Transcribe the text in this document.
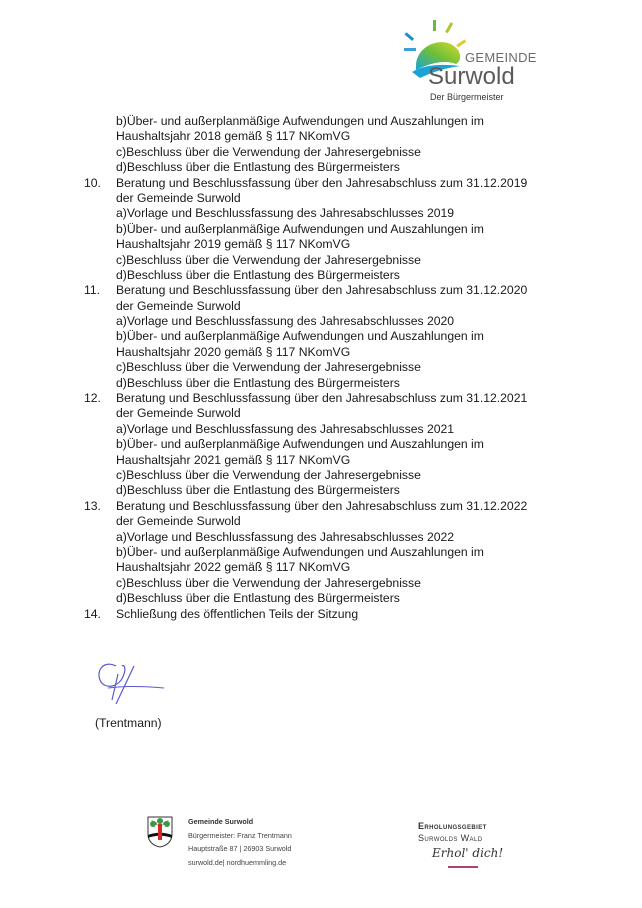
GEMEINDE
Surwold
Der Bürgermeister
b)Über- und außerplanmäßige Aufwendungen und Auszahlungen im
Haushaltsjahr 2018 gemäß § 117 NKomVG
c)Beschluss über die Verwendung der Jahresergebnisse
d)Beschluss über die Entlastung des Bürgermeisters
10.	Beratung und Beschlussfassung über den Jahresabschluss zum 31.12.2019
der Gemeinde Surwold
a)Vorlage und Beschlussfassung des Jahresabschlusses 2019
b)Über- und außerplanmäßige Aufwendungen und Auszahlungen im
Haushaltsjahr 2019 gemäß § 117 NKomVG
c)Beschluss über die Verwendung der Jahresergebnisse
d)Beschluss über die Entlastung des Bürgermeisters
11.	Beratung und Beschlussfassung über den Jahresabschluss zum 31.12.2020
der Gemeinde Surwold
a)Vorlage und Beschlussfassung des Jahresabschlusses 2020
b)Über- und außerplanmäßige Aufwendungen und Auszahlungen im
Haushaltsjahr 2020 gemäß § 117 NKomVG
c)Beschluss über die Verwendung der Jahresergebnisse
d)Beschluss über die Entlastung des Bürgermeisters
12.	Beratung und Beschlussfassung über den Jahresabschluss zum 31.12.2021
der Gemeinde Surwold
a)Vorlage und Beschlussfassung des Jahresabschlusses 2021
b)Über- und außerplanmäßige Aufwendungen und Auszahlungen im
Haushaltsjahr 2021 gemäß § 117 NKomVG
c)Beschluss über die Verwendung der Jahresergebnisse
d)Beschluss über die Entlastung des Bürgermeisters
13.	Beratung und Beschlussfassung über den Jahresabschluss zum 31.12.2022
der Gemeinde Surwold
a)Vorlage und Beschlussfassung des Jahresabschlusses 2022
b)Über- und außerplanmäßige Aufwendungen und Auszahlungen im
Haushaltsjahr 2022 gemäß § 117 NKomVG
c)Beschluss über die Verwendung der Jahresergebnisse
d)Beschluss über die Entlastung des Bürgermeisters
14.	Schließung des öffentlichen Teils der Sitzung
(Trentmann)
Gemeinde Surwold
Bürgermeister: Franz Trentmann
Hauptstraße 87 | 26903 Surwold
surwold.de| nordhuemmling.de
Erholungsgebiet
Surwolds Wald
Erhol' dich!
